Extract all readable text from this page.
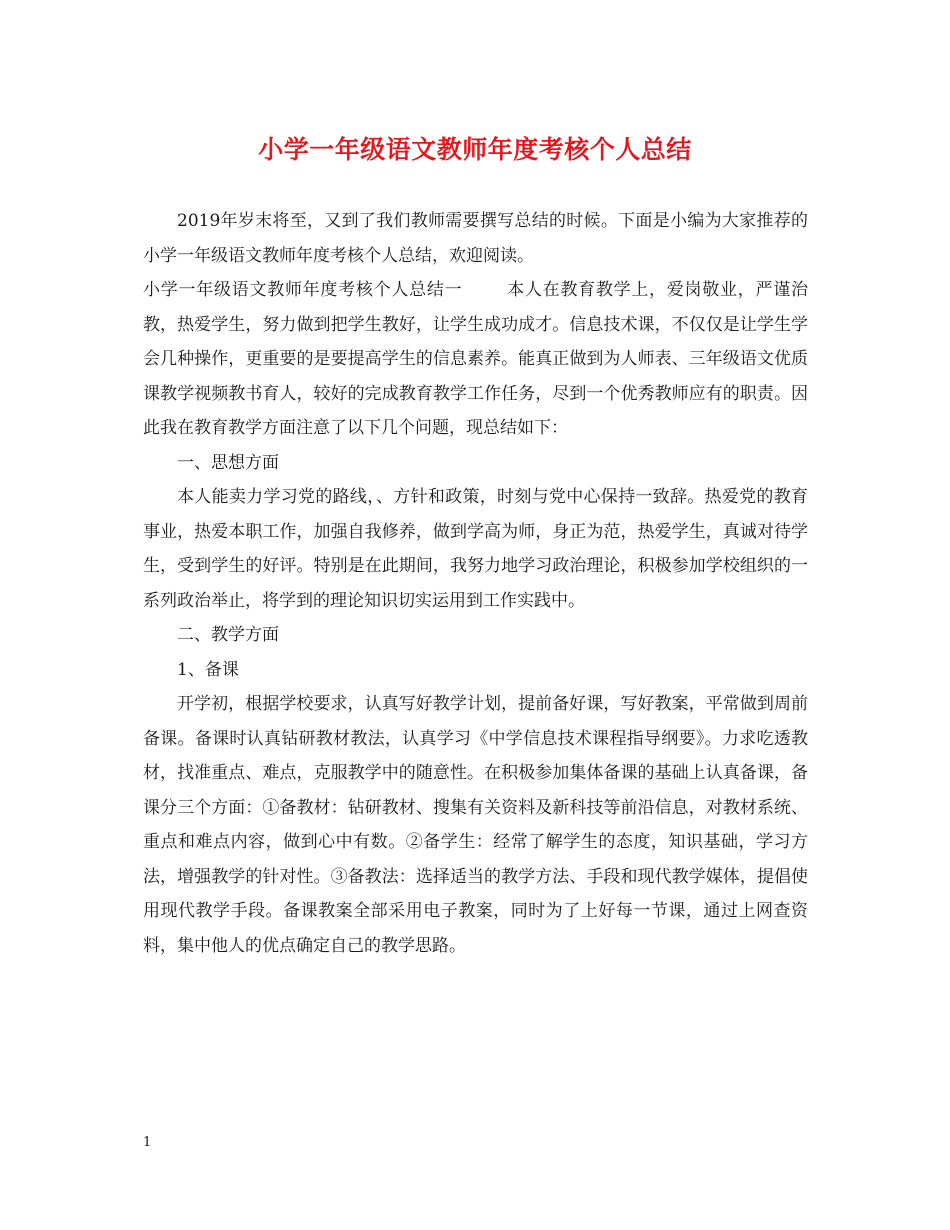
小学一年级语文教师年度考核个人总结

2019年岁末将至，又到了我们教师需要撰写总结的时候。下面是小编为大家推荐的小学一年级语文教师年度考核个人总结，欢迎阅读。

小学一年级语文教师年度考核个人总结一	本人在教育教学上，爱岗敬业，严谨治教，热爱学生，努力做到把学生教好，让学生成功成才。信息技术课，不仅仅是让学生学会几种操作，更重要的是要提高学生的信息素养。能真正做到为人师表、三年级语文优质课教学视频教书育人，较好的完成教育教学工作任务，尽到一个优秀教师应有的职责。因此我在教育教学方面注意了以下几个问题，现总结如下：

一、思想方面

本人能卖力学习党的路线，、方针和政策，时刻与党中心保持一致辞。热爱党的教育事业，热爱本职工作，加强自我修养，做到学高为师，身正为范，热爱学生，真诚对待学生，受到学生的好评。特别是在此期间，我努力地学习政治理论，积极参加学校组织的一系列政治举止，将学到的理论知识切实运用到工作实践中。

二、教学方面

1、备课

开学初，根据学校要求，认真写好教学计划，提前备好课，写好教案，平常做到周前备课。备课时认真钻研教材教法，认真学习《中学信息技术课程指导纲要》。力求吃透教材，找准重点、难点，克服教学中的随意性。在积极参加集体备课的基础上认真备课，备课分三个方面：①备教材：钻研教材、搜集有关资料及新科技等前沿信息，对教材系统、重点和难点内容，做到心中有数。②备学生：经常了解学生的态度，知识基础，学习方法，增强教学的针对性。③备教法：选择适当的教学方法、手段和现代教学媒体，提倡使用现代教学手段。备课教案全部采用电子教案，同时为了上好每一节课，通过上网查资料，集中他人的优点确定自己的教学思路。

1
